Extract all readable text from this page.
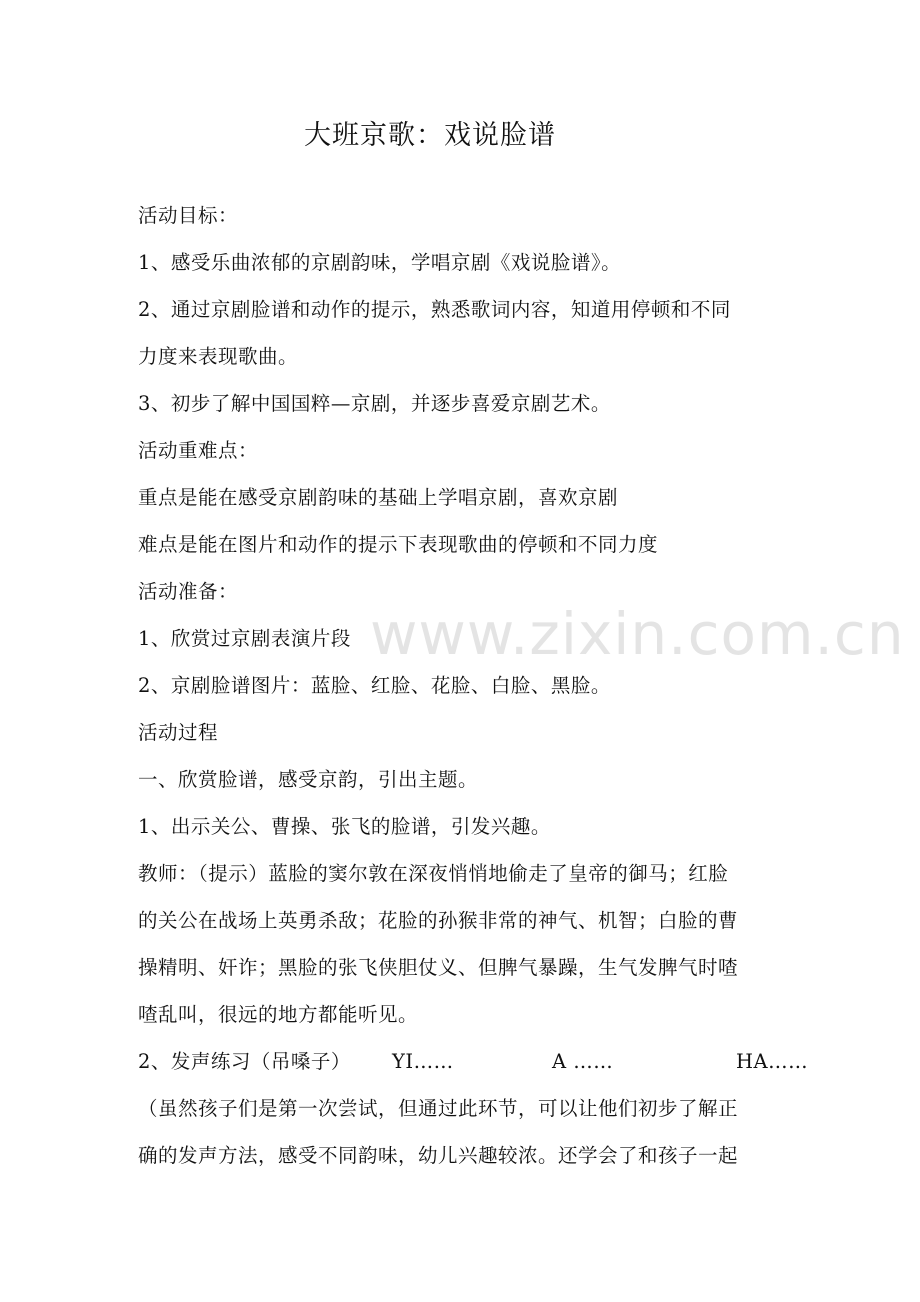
www.zixin.com.cn
大班京歌：戏说脸谱
活动目标：
1、感受乐曲浓郁的京剧韵味，学唱京剧《戏说脸谱》。
2、通过京剧脸谱和动作的提示，熟悉歌词内容，知道用停顿和不同
力度来表现歌曲。
3、初步了解中国国粹—京剧，并逐步喜爱京剧艺术。
活动重难点：
重点是能在感受京剧韵味的基础上学唱京剧，喜欢京剧
难点是能在图片和动作的提示下表现歌曲的停顿和不同力度
活动准备：
1、欣赏过京剧表演片段
2、京剧脸谱图片：蓝脸、红脸、花脸、白脸、黑脸。
活动过程
一、欣赏脸谱，感受京韵，引出主题。
1、出示关公、曹操、张飞的脸谱，引发兴趣。
教师：（提示）蓝脸的窦尔敦在深夜悄悄地偷走了皇帝的御马；红脸
的关公在战场上英勇杀敌；花脸的孙猴非常的神气、机智；白脸的曹
操精明、奸诈；黑脸的张飞侠胆仗义、但脾气暴躁，生气发脾气时喳
喳乱叫，很远的地方都能听见。
2、发声练习（吊嗓子） YI……	A ……	HA……
（虽然孩子们是第一次尝试，但通过此环节，可以让他们初步了解正
确的发声方法，感受不同韵味，幼儿兴趣较浓。还学会了和孩子一起
